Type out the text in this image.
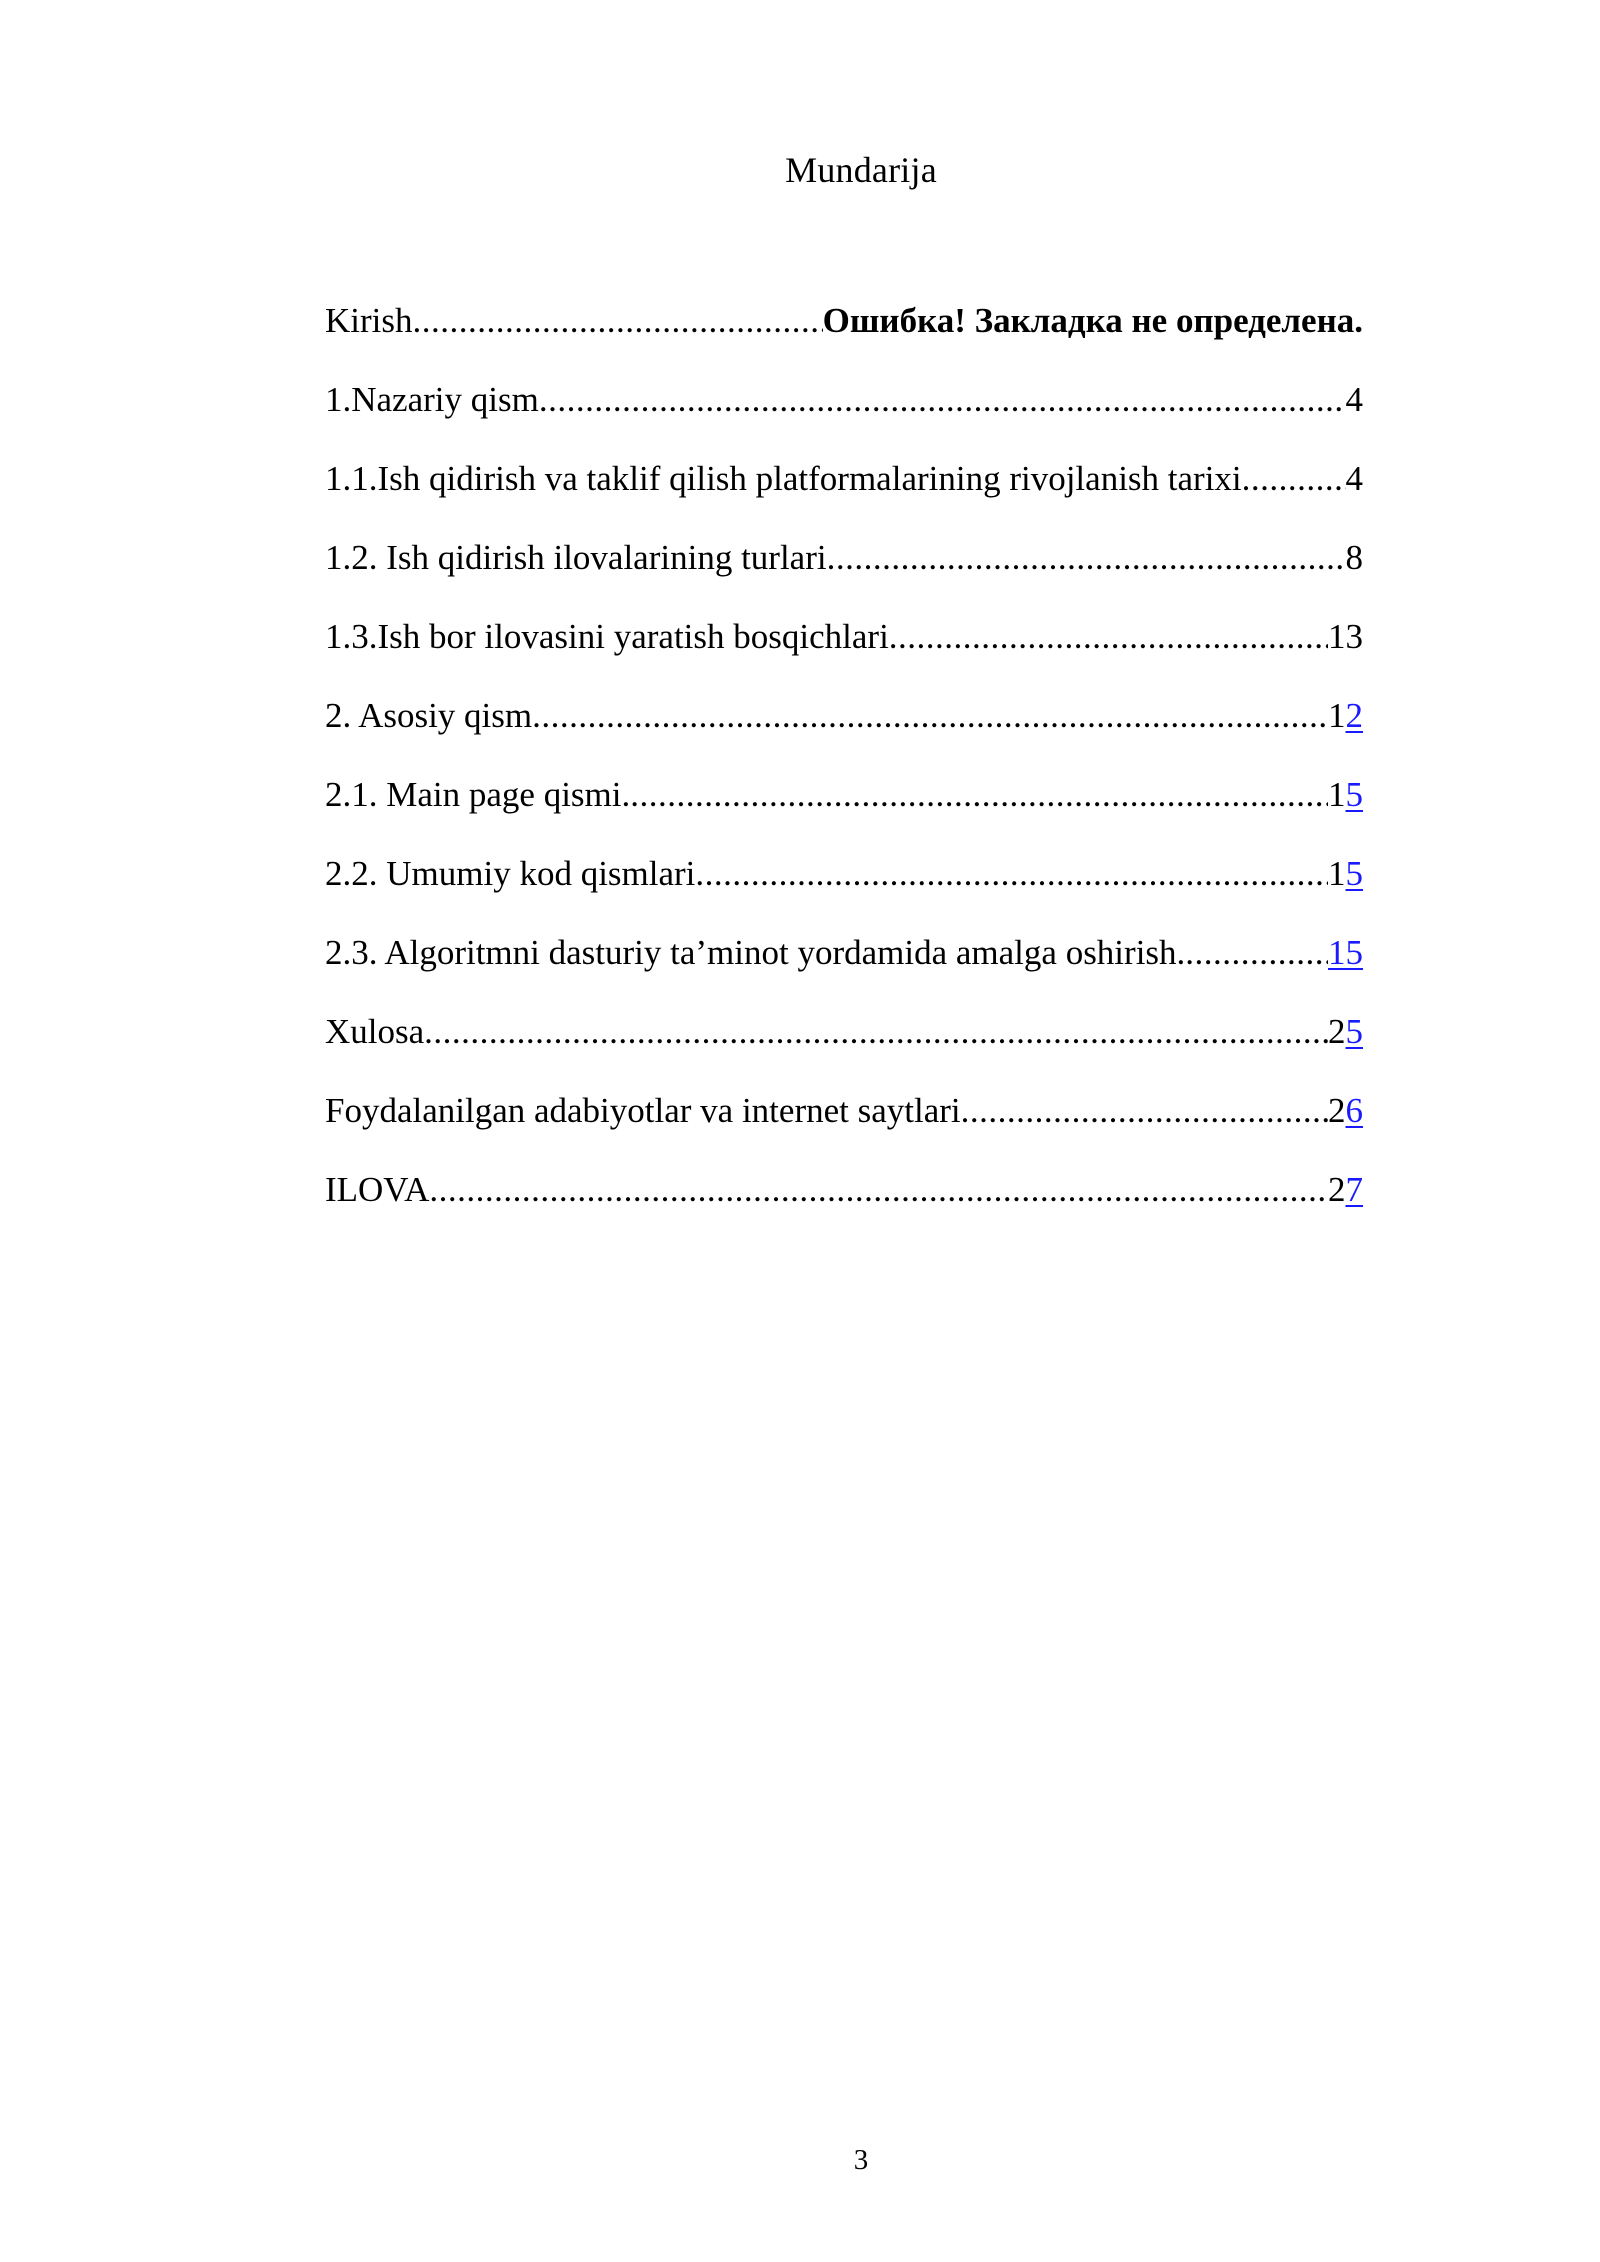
Mundarija
Kirish .....	Ошибка! Закладка не определена.
1.Nazariy qism .....	4
1.1.Ish qidirish va taklif qilish platformalarining rivojlanish tarixi .....	4
1.2. Ish qidirish ilovalarining turlari .....	8
1.3.Ish bor ilovasini yaratish bosqichlari .....	13
2. Asosiy qism .....	12
2.1. Main page qismi. .....	15
2.2. Umumiy kod qismlari .....	15
2.3. Algoritmni dasturiy ta’minot yordamida amalga oshirish. .....	15
Xulosa .....	25
Foydalanilgan adabiyotlar va internet saytlari .....	26
ILOVA .....	27
3
